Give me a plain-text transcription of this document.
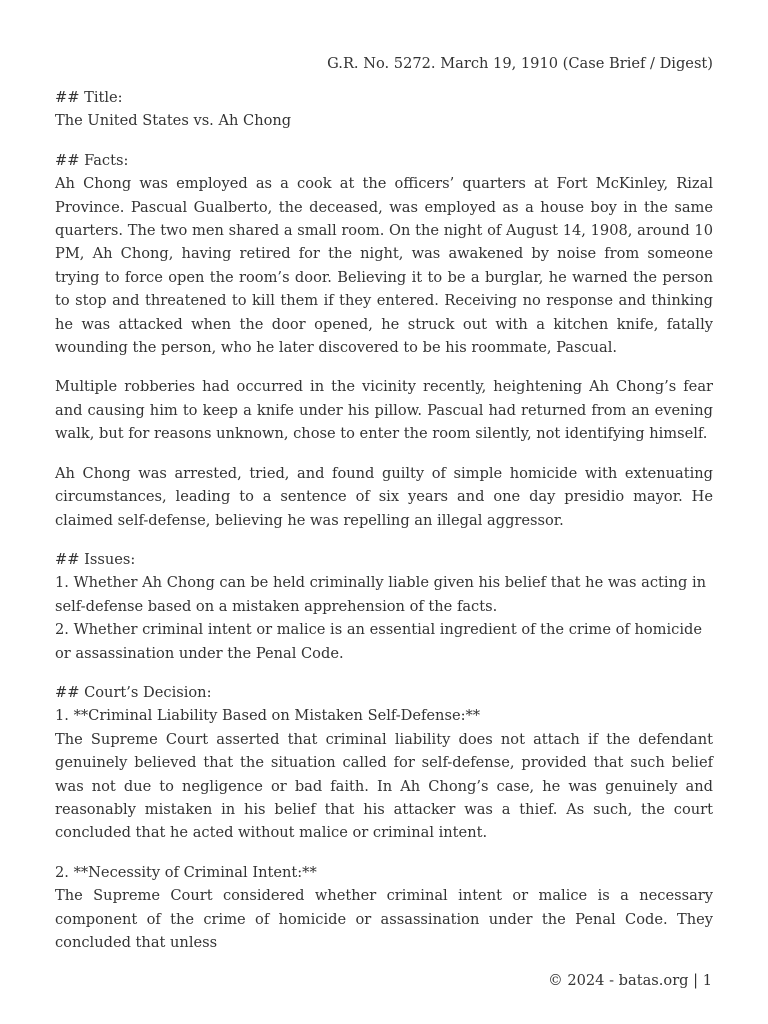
G.R. No. 5272. March 19, 1910 (Case Brief / Digest)
## Title:
The United States vs. Ah Chong
## Facts:
Ah Chong was employed as a cook at the officers’ quarters at Fort McKinley, Rizal Province. Pascual Gualberto, the deceased, was employed as a house boy in the same quarters. The two men shared a small room. On the night of August 14, 1908, around 10 PM, Ah Chong, having retired for the night, was awakened by noise from someone trying to force open the room’s door. Believing it to be a burglar, he warned the person to stop and threatened to kill them if they entered. Receiving no response and thinking he was attacked when the door opened, he struck out with a kitchen knife, fatally wounding the person, who he later discovered to be his roommate, Pascual.
Multiple robberies had occurred in the vicinity recently, heightening Ah Chong’s fear and causing him to keep a knife under his pillow. Pascual had returned from an evening walk, but for reasons unknown, chose to enter the room silently, not identifying himself.
Ah Chong was arrested, tried, and found guilty of simple homicide with extenuating circumstances, leading to a sentence of six years and one day presidio mayor. He claimed self-defense, believing he was repelling an illegal aggressor.
## Issues:
1. Whether Ah Chong can be held criminally liable given his belief that he was acting in self-defense based on a mistaken apprehension of the facts.
2. Whether criminal intent or malice is an essential ingredient of the crime of homicide or assassination under the Penal Code.
## Court’s Decision:
1. **Criminal Liability Based on Mistaken Self-Defense:**
The Supreme Court asserted that criminal liability does not attach if the defendant genuinely believed that the situation called for self-defense, provided that such belief was not due to negligence or bad faith. In Ah Chong’s case, he was genuinely and reasonably mistaken in his belief that his attacker was a thief. As such, the court concluded that he acted without malice or criminal intent.
2. **Necessity of Criminal Intent:**
The Supreme Court considered whether criminal intent or malice is a necessary component of the crime of homicide or assassination under the Penal Code. They concluded that unless
© 2024 - batas.org | 1
